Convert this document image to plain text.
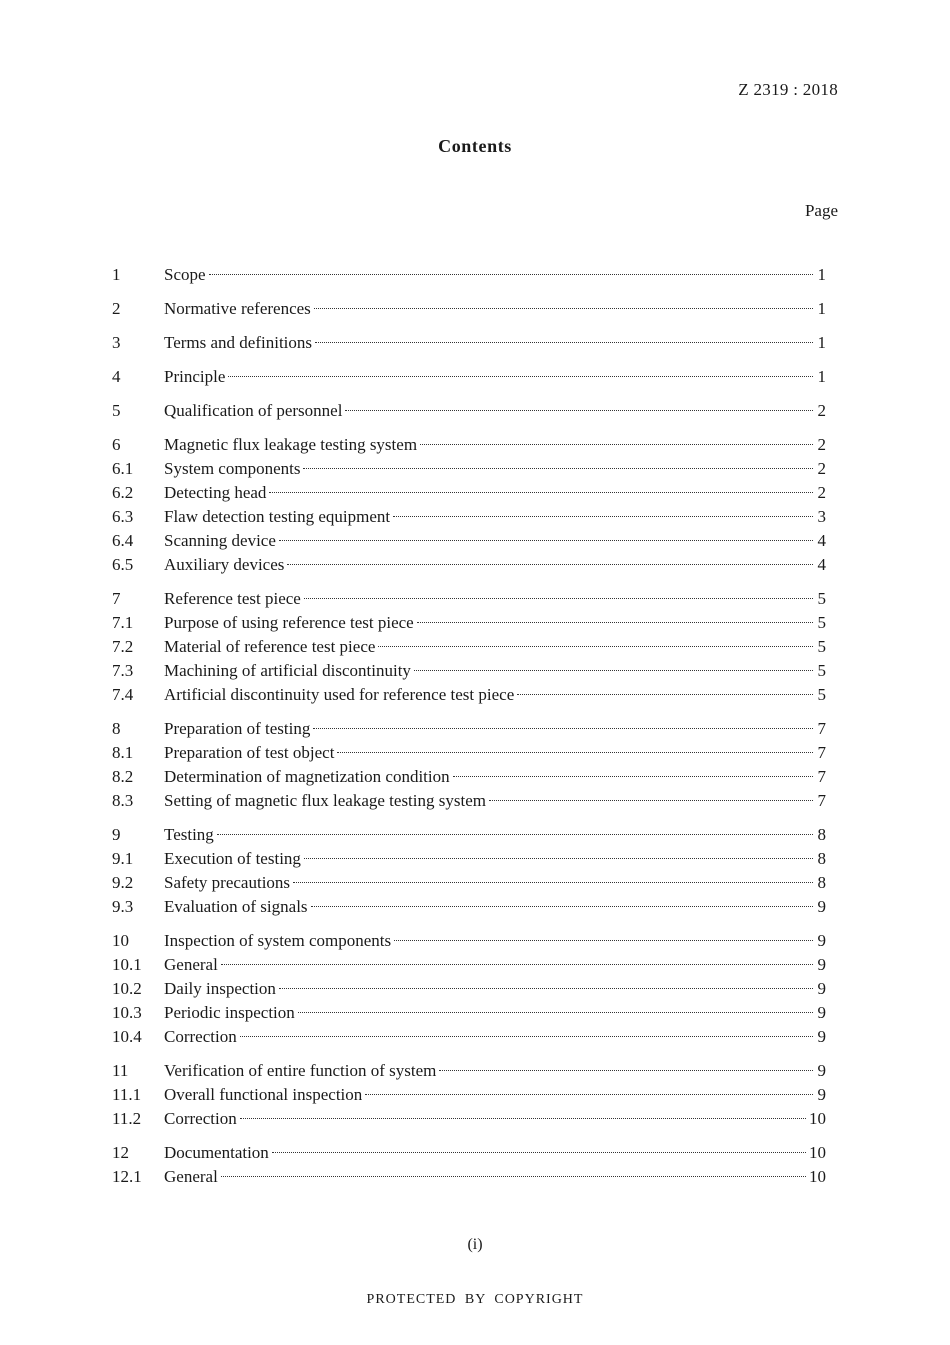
Z 2319 : 2018
Contents
Page
1	Scope	1
2	Normative references	1
3	Terms and definitions	1
4	Principle	1
5	Qualification of personnel	2
6	Magnetic flux leakage testing system	2
6.1	System components	2
6.2	Detecting head	2
6.3	Flaw detection testing equipment	3
6.4	Scanning device	4
6.5	Auxiliary devices	4
7	Reference test piece	5
7.1	Purpose of using reference test piece	5
7.2	Material of reference test piece	5
7.3	Machining of artificial discontinuity	5
7.4	Artificial discontinuity used for reference test piece	5
8	Preparation of testing	7
8.1	Preparation of test object	7
8.2	Determination of magnetization condition	7
8.3	Setting of magnetic flux leakage testing system	7
9	Testing	8
9.1	Execution of testing	8
9.2	Safety precautions	8
9.3	Evaluation of signals	9
10	Inspection of system components	9
10.1	General	9
10.2	Daily inspection	9
10.3	Periodic inspection	9
10.4	Correction	9
11	Verification of entire function of system	9
11.1	Overall functional inspection	9
11.2	Correction	10
12	Documentation	10
12.1	General	10
(i)
PROTECTED BY COPYRIGHT
